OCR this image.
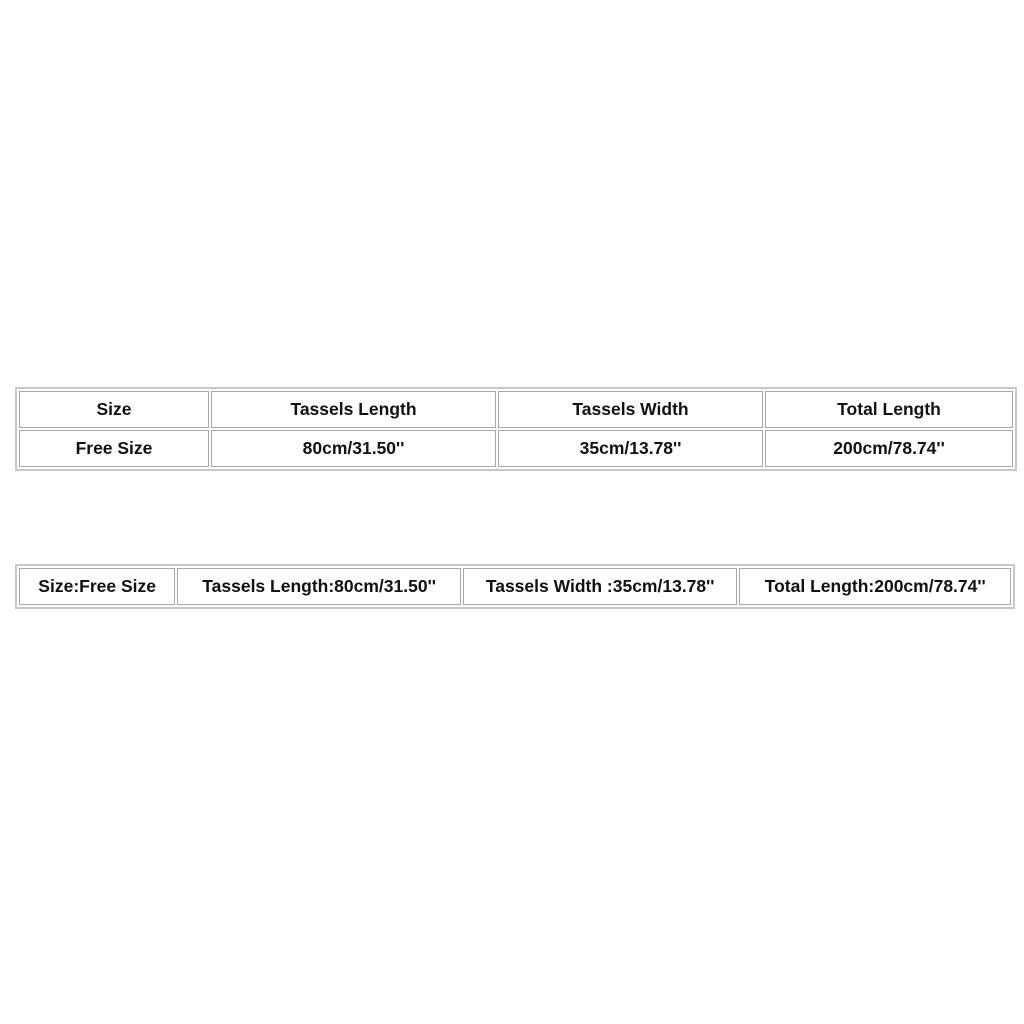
Size	Tassels Length	Tassels Width	Total Length
Free Size	80cm/31.50''	35cm/13.78''	200cm/78.74''
Size:Free Size	Tassels Length:80cm/31.50''	Tassels Width :35cm/13.78''	Total Length:200cm/78.74''
